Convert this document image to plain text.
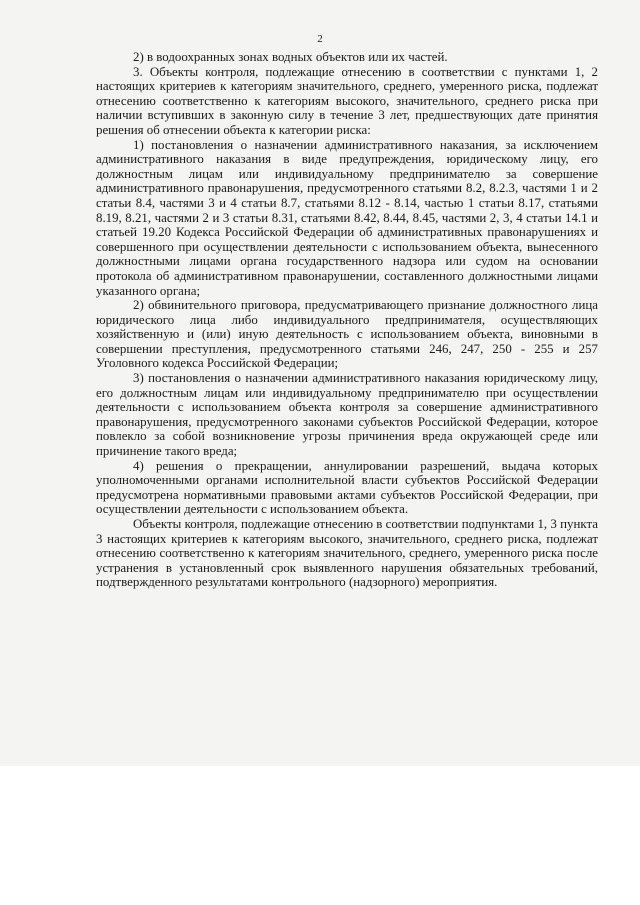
2

2) в водоохранных зонах водных объектов или их частей.

3. Объекты контроля, подлежащие отнесению в соответствии с пунктами 1, 2 настоящих критериев к категориям значительного, среднего, умеренного риска, подлежат отнесению соответственно к категориям высокого, значительного, среднего риска при наличии вступивших в законную силу в течение 3 лет, предшествующих дате принятия решения об отнесении объекта к категории риска:

1) постановления о назначении административного наказания, за исключением административного наказания в виде предупреждения, юридическому лицу, его должностным лицам или индивидуальному предпринимателю за совершение административного правонарушения, предусмотренного статьями 8.2, 8.2.3, частями 1 и 2 статьи 8.4, частями 3 и 4 статьи 8.7, статьями 8.12 - 8.14, частью 1 статьи 8.17, статьями 8.19, 8.21, частями 2 и 3 статьи 8.31, статьями 8.42, 8.44, 8.45, частями 2, 3, 4 статьи 14.1 и статьей 19.20 Кодекса Российской Федерации об административных правонарушениях и совершенного при осуществлении деятельности с использованием объекта, вынесенного должностными лицами органа государственного надзора или судом на основании протокола об административном правонарушении, составленного должностными лицами указанного органа;

2) обвинительного приговора, предусматривающего признание должностного лица юридического лица либо индивидуального предпринимателя, осуществляющих хозяйственную и (или) иную деятельность с использованием объекта, виновными в совершении преступления, предусмотренного статьями 246, 247, 250 - 255 и 257 Уголовного кодекса Российской Федерации;

3) постановления о назначении административного наказания юридическому лицу, его должностным лицам или индивидуальному предпринимателю при осуществлении деятельности с использованием объекта контроля за совершение административного правонарушения, предусмотренного законами субъектов Российской Федерации, которое повлекло за собой возникновение угрозы причинения вреда окружающей среде или причинение такого вреда;

4) решения о прекращении, аннулировании разрешений, выдача которых уполномоченными органами исполнительной власти субъектов Российской Федерации предусмотрена нормативными правовыми актами субъектов Российской Федерации, при осуществлении деятельности с использованием объекта.

Объекты контроля, подлежащие отнесению в соответствии подпунктами 1, 3 пункта 3 настоящих критериев к категориям высокого, значительного, среднего риска, подлежат отнесению соответственно к категориям значительного, среднего, умеренного риска после устранения в установленный срок выявленного нарушения обязательных требований, подтвержденного результатами контрольного (надзорного) мероприятия.
